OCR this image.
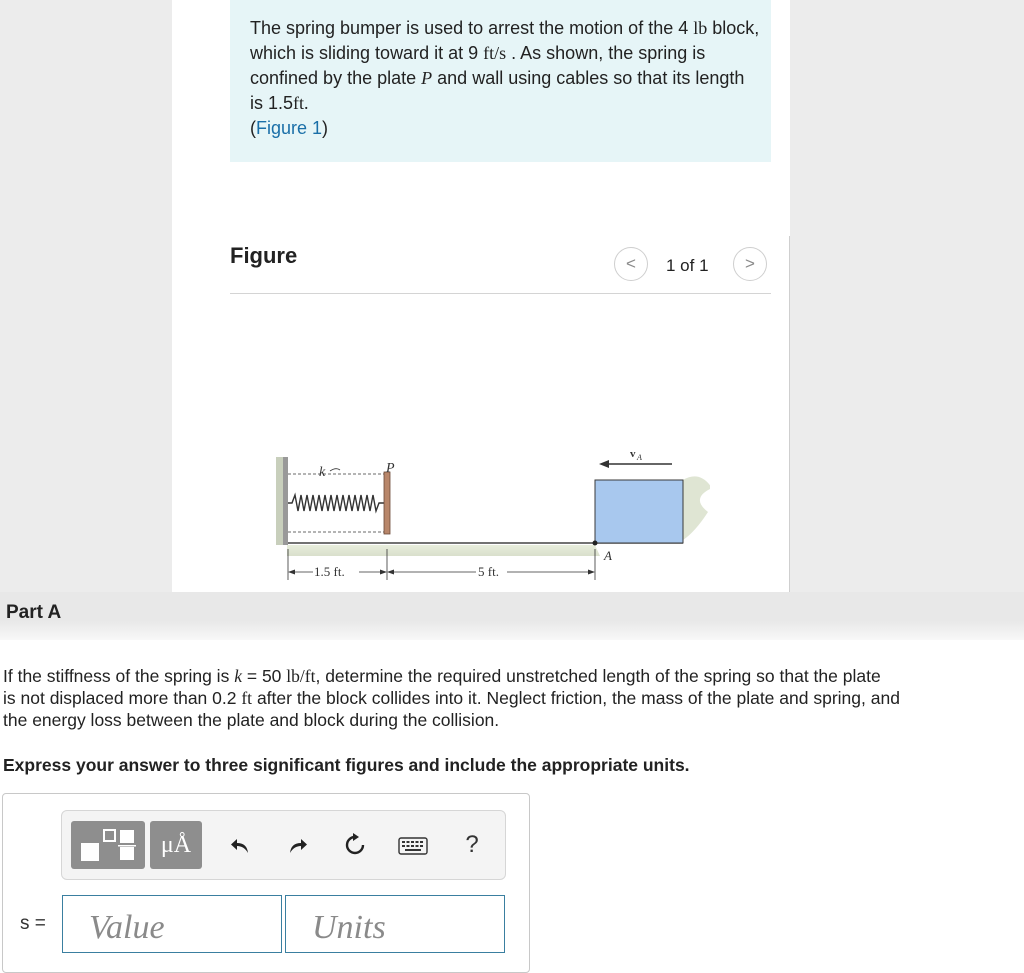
The spring bumper is used to arrest the motion of the 4 lb block, which is sliding toward it at 9 ft/s . As shown, the spring is confined by the plate P and wall using cables so that its length is 1.5ft.
(Figure 1)
Figure	< 1 of 1 >
k	P
v A
A
1.5 ft.	5 ft.
Part A
If the stiffness of the spring is k = 50 lb/ft, determine the required unstretched length of the spring so that the plate
is not displaced more than 0.2 ft after the block collides into it. Neglect friction, the mass of the plate and spring, and
the energy loss between the plate and block during the collision.
Express your answer to three significant figures and include the appropriate units.
μÅ	?
s =
Value
Units
